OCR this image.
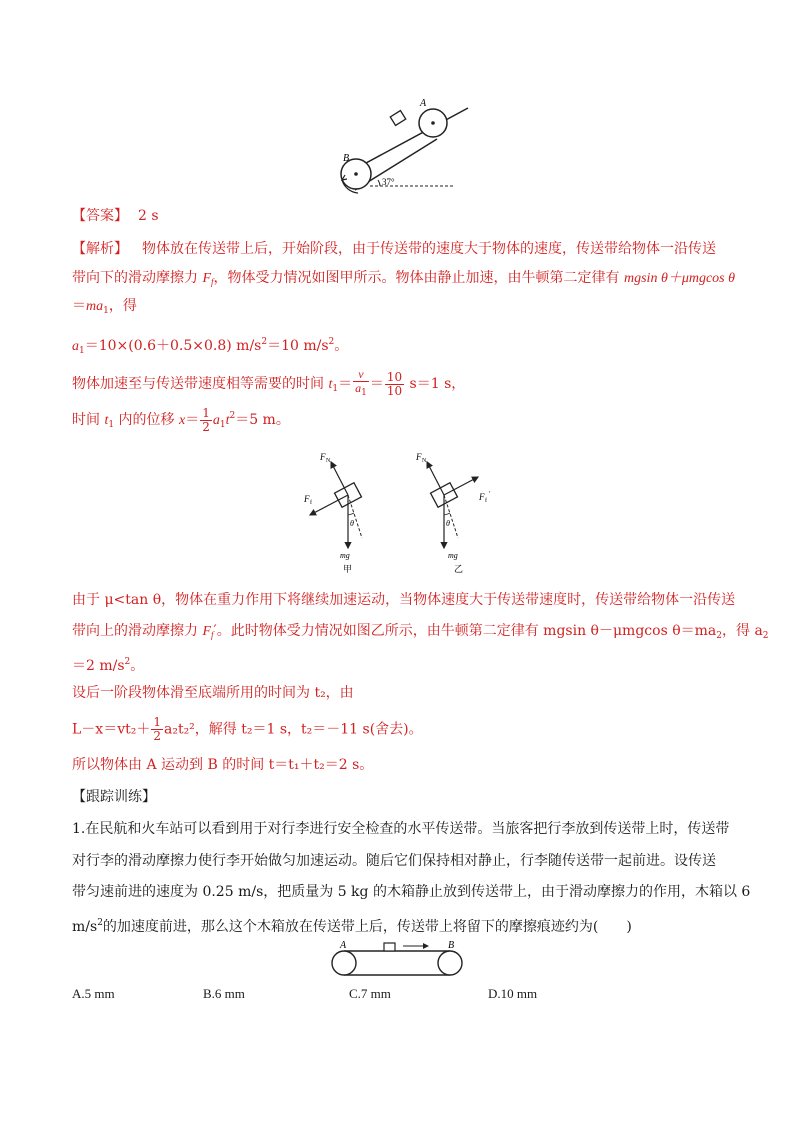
A
B
37°
【答案】 2 s
【解析】 物体放在传送带上后，开始阶段，由于传送带的速度大于物体的速度，传送带给物体一沿传送
带向下的滑动摩擦力 $F_f$，物体受力情况如图甲所示。物体由静止加速，由牛顿第二定律有 mgsin θ＋μmgcos θ
$=ma_1$，得
$a_1=10\times(0.6+0.5\times 0.8)$ $m/s^2=10$ $m/s^2$。
物体加速至与传送带速度相等需要的时间 $t_1= \frac{v}{a_1} = \frac{10}{10} s=1$ s，
时间 $t_1$ 内的位移 $x= \frac{1}{2} a_1t^2=5$ m。
F N
F f
θ
mg
甲
F N
F f
′
θ
mg
乙
由于 μ<tan θ，物体在重力作用下将继续加速运动，当物体速度大于传送带速度时，传送带给物体一沿传送
带向上的滑动摩擦力 $F_f'$。此时物体受力情况如图乙所示，由牛顿第二定律有 mgsin θ－μmgcos $\theta=ma_2$，得 $a_2$
＝2 $m/s^2$。
设后一阶段物体滑至底端所用的时间为 t₂，由
$L-x=vt_2+ \frac{1}{2} a_2t_2^2$，解得 t₂＝1 s，t₂＝－11 s(舍去)。
所以物体由 A 运动到 B 的时间 t＝t₁＋t₂＝2 s。
【跟踪训练】
1.在民航和火车站可以看到用于对行李进行安全检查的水平传送带。当旅客把行李放到传送带上时，传送带
对行李的滑动摩擦力使行李开始做匀加速运动。随后它们保持相对静止，行李随传送带一起前进。设传送
带匀速前进的速度为 0.25 m/s，把质量为 5 kg 的木箱静止放到传送带上，由于滑动摩擦力的作用，木箱以 6
$m/s^2$的加速度前进，那么这个木箱放在传送带上后，传送带上将留下的摩擦痕迹约为(　　)
A	B
A.5 mm	B.6 mm	C.7 mm	D.10 mm
